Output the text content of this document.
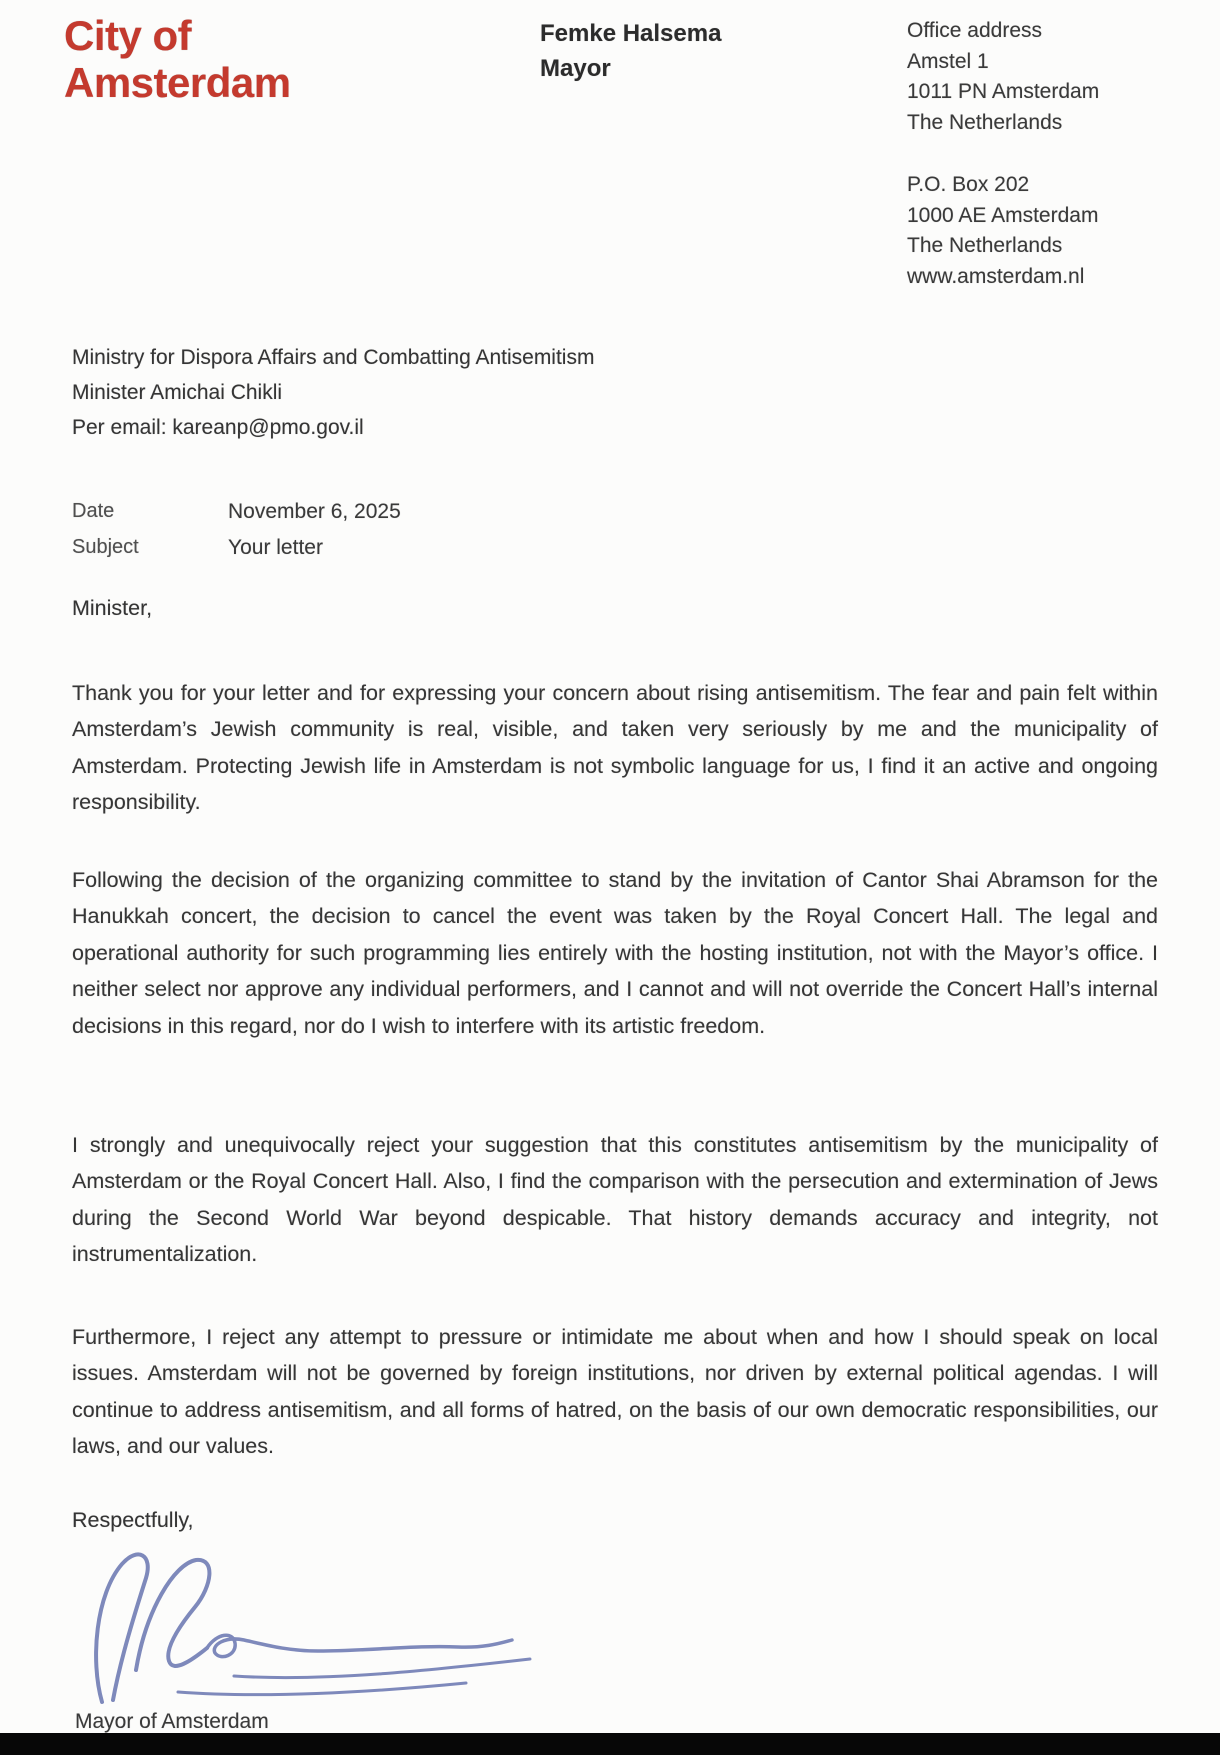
City of
Amsterdam
Femke Halsema
Mayor
Office address
Amstel 1
1011 PN Amsterdam
The Netherlands
P.O. Box 202
1000 AE Amsterdam
The Netherlands
www.amsterdam.nl
Ministry for Dispora Affairs and Combatting Antisemitism
Minister Amichai Chikli
Per email: kareanp@pmo.gov.il
Date	November 6, 2025
Subject	Your letter
Minister,

Thank you for your letter and for expressing your concern about rising antisemitism. The fear and pain felt within Amsterdam’s Jewish community is real, visible, and taken very seriously by me and the municipality of Amsterdam. Protecting Jewish life in Amsterdam is not symbolic language for us, I find it an active and ongoing responsibility.

Following the decision of the organizing committee to stand by the invitation of Cantor Shai Abramson for the Hanukkah concert, the decision to cancel the event was taken by the Royal Concert Hall. The legal and operational authority for such programming lies entirely with the hosting institution, not with the Mayor’s office. I neither select nor approve any individual performers, and I cannot and will not override the Concert Hall’s internal decisions in this regard, nor do I wish to interfere with its artistic freedom.

I strongly and unequivocally reject your suggestion that this constitutes antisemitism by the municipality of Amsterdam or the Royal Concert Hall. Also, I find the comparison with the persecution and extermination of Jews during the Second World War beyond despicable. That history demands accuracy and integrity, not instrumentalization.

Furthermore, I reject any attempt to pressure or intimidate me about when and how I should speak on local issues. Amsterdam will not be governed by foreign institutions, nor driven by external political agendas. I will continue to address antisemitism, and all forms of hatred, on the basis of our own democratic responsibilities, our laws, and our values.

Respectfully,
Mayor of Amsterdam
